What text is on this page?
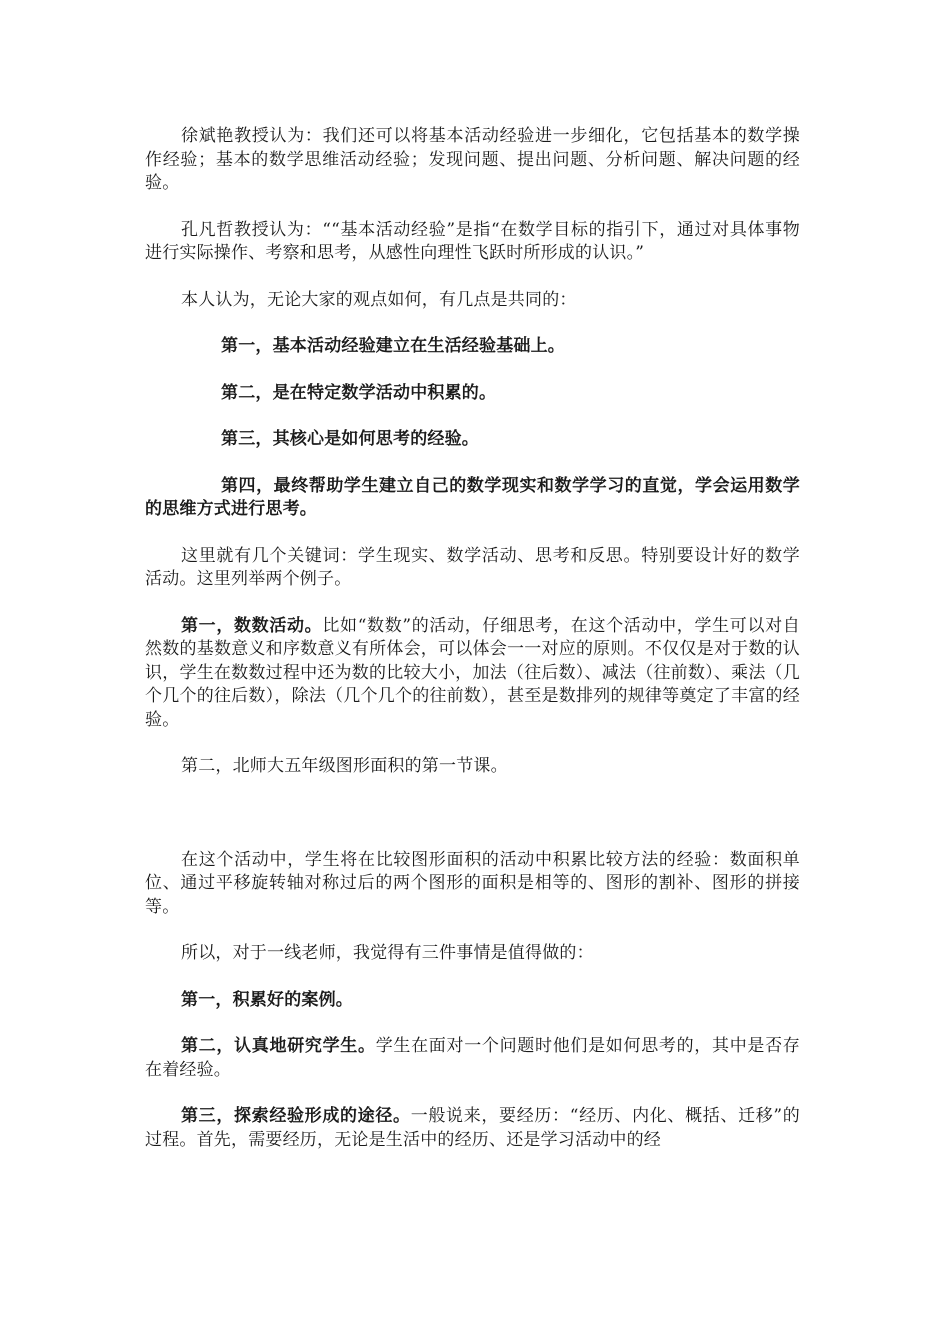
徐斌艳教授认为：我们还可以将基本活动经验进一步细化，它包括基本的数学操作经验；基本的数学思维活动经验；发现问题、提出问题、分析问题、解决问题的经验。

孔凡哲教授认为：““基本活动经验”是指“在数学目标的指引下，通过对具体事物进行实际操作、考察和思考，从感性向理性飞跃时所形成的认识。”

本人认为，无论大家的观点如何，有几点是共同的：

第一，基本活动经验建立在生活经验基础上。

第二，是在特定数学活动中积累的。

第三，其核心是如何思考的经验。

第四，最终帮助学生建立自己的数学现实和数学学习的直觉，学会运用数学的思维方式进行思考。

这里就有几个关键词：学生现实、数学活动、思考和反思。特别要设计好的数学活动。这里列举两个例子。

第一，数数活动。比如“数数”的活动，仔细思考，在这个活动中，学生可以对自然数的基数意义和序数意义有所体会，可以体会一一对应的原则。不仅仅是对于数的认识，学生在数数过程中还为数的比较大小，加法（往后数）、减法（往前数）、乘法（几个几个的往后数），除法（几个几个的往前数），甚至是数排列的规律等奠定了丰富的经验。

第二，北师大五年级图形面积的第一节课。

在这个活动中，学生将在比较图形面积的活动中积累比较方法的经验：数面积单位、通过平移旋转轴对称过后的两个图形的面积是相等的、图形的割补、图形的拼接等。

所以，对于一线老师，我觉得有三件事情是值得做的：

第一，积累好的案例。

第二，认真地研究学生。学生在面对一个问题时他们是如何思考的，其中是否存在着经验。

第三，探索经验形成的途径。一般说来，要经历：“经历、内化、概括、迁移”的过程。首先，需要经历，无论是生活中的经历、还是学习活动中的经
